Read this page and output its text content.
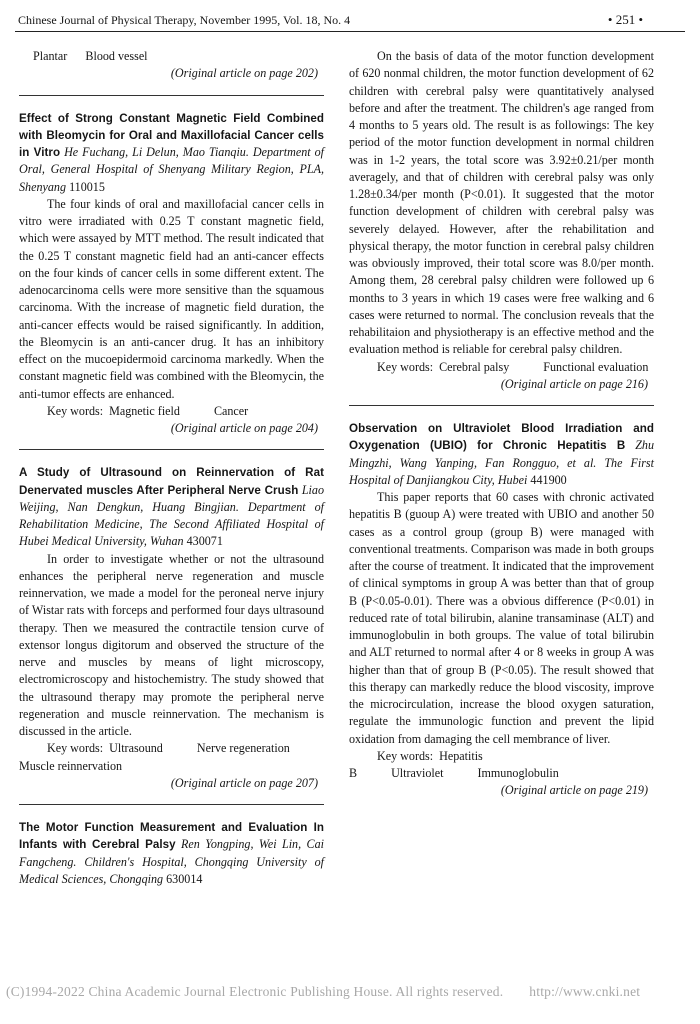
Chinese Journal of Physical Therapy, November 1995, Vol. 18, No. 4	• 251 •

Plantar      Blood vessel

(Original article on page 202)

Effect of Strong Constant Magnetic Field Combined with Bleomycin for Oral and Maxillofacial Cancer cells in Vitro He Fuchang, Li Delun, Mao Tianqiu. Department of Oral, General Hospital of Shenyang Military Region, PLA, Shenyang 110015

The four kinds of oral and maxillofacial cancer cells in vitro were irradiated with 0.25 T constant magnetic field, which were assayed by MTT method. The result indicated that the 0.25 T constant magnetic field had an anti-cancer effects on the four kinds of cancer cells in some different extent. The adenocarcinoma cells were more sensitive than the squamous carcinoma. With the increase of magnetic field duration, the anti-cancer effects would be raised significantly. In addition, the Bleomycin is an anti-cancer drug. It has an inhibitory effect on the mucoepidermoid carcinoma markedly. When the constant magnetic field was combined with the Bleomycin, the anti-tumor effects are enhanced.

Key words: Magnetic field	Cancer

(Original article on page 204)

A Study of Ultrasound on Reinnervation of Rat Denervated muscles After Peripheral Nerve Crush Liao Weijing, Nan Dengkun, Huang Bingjian. Department of Rehabilitation Medicine, The Second Affiliated Hospital of Hubei Medical University, Wuhan 430071

In order to investigate whether or not the ultrasound enhances the peripheral nerve regeneration and muscle reinnervation, we made a model for the peroneal nerve injury of Wistar rats with forceps and performed four days ultrasound therapy. Then we measured the contractile tension curve of extensor longus digitorum and observed the structure of the nerve and muscles by means of light microscopy, electromicroscopy and histochemistry. The study showed that the ultrasound therapy may promote the peripheral nerve regeneration and muscle reinnervation. The mechanism is discussed in the article.

Key words: Ultrasound	Nerve regeneration

Muscle reinnervation

(Original article on page 207)

The Motor Function Measurement and Evaluation In Infants with Cerebral Palsy Ren Yongping, Wei Lin, Cai Fangcheng. Children's Hospital, Chongqing University of Medical Sciences, Chongqing 630014

On the basis of data of the motor function development of 620 nonmal children, the motor function development of 62 children with cerebral palsy were quantitatively analysed before and after the treatment. The children's age ranged from 4 months to 5 years old. The result is as followings: The key period of the motor function development in normal children was in 1-2 years, the total score was 3.92±0.21/per month averagely, and that of children with cerebral palsy was only 1.28±0.34/per month (P<0.01). It suggested that the motor function development of children with cerebral palsy was severely delayed. However, after the rehabilitation and physical therapy, the motor function in cerebral palsy children was obviously improved, their total score was 8.0/per month. Among them, 28 cerebral palsy children were followed up 6 months to 3 years in which 19 cases were free walking and 6 cases were returned to normal. The conclusion reveals that the rehabilitaion and physiotherapy is an effective method and the evaluation method is reliable for cerebral palsy children.

Key words: Cerebral palsy	Functional evaluation

(Original article on page 216)

Observation on Ultraviolet Blood Irradiation and Oxygenation (UBIO) for Chronic Hepatitis B Zhu Mingzhi, Wang Yanping, Fan Rongguo, et al. The First Hospital of Danjiangkou City, Hubei 441900

This paper reports that 60 cases with chronic activated hepatitis B (guoup A) were treated with UBIO and another 50 cases as a control group (group B) were managed with conventional treatments. Comparison was made in both groups after the course of treatment. It indicated that the improvement of clinical symptoms in group A was better than that of group B (P<0.05-0.01). There was a obvious difference (P<0.01) in reduced rate of total bilirubin, alanine transaminase (ALT) and immunoglobulin in both groups. The value of total bilirubin and ALT returned to normal after 4 or 8 weeks in group A was higher than that of group B (P<0.05). The result showed that this therapy can markedly reduce the blood viscosity, improve the microcirculation, increase the blood oxygen saturation, regulate the immunologic function and prevent the lipid oxidation from damaging the cell membrance of liver.

Key words: Hepatitis B	Ultraviolet	Immunoglobulin

(Original article on page 219)

(C)1994-2022 China Academic Journal Electronic Publishing House. All rights reserved. http://www.cnki.net
